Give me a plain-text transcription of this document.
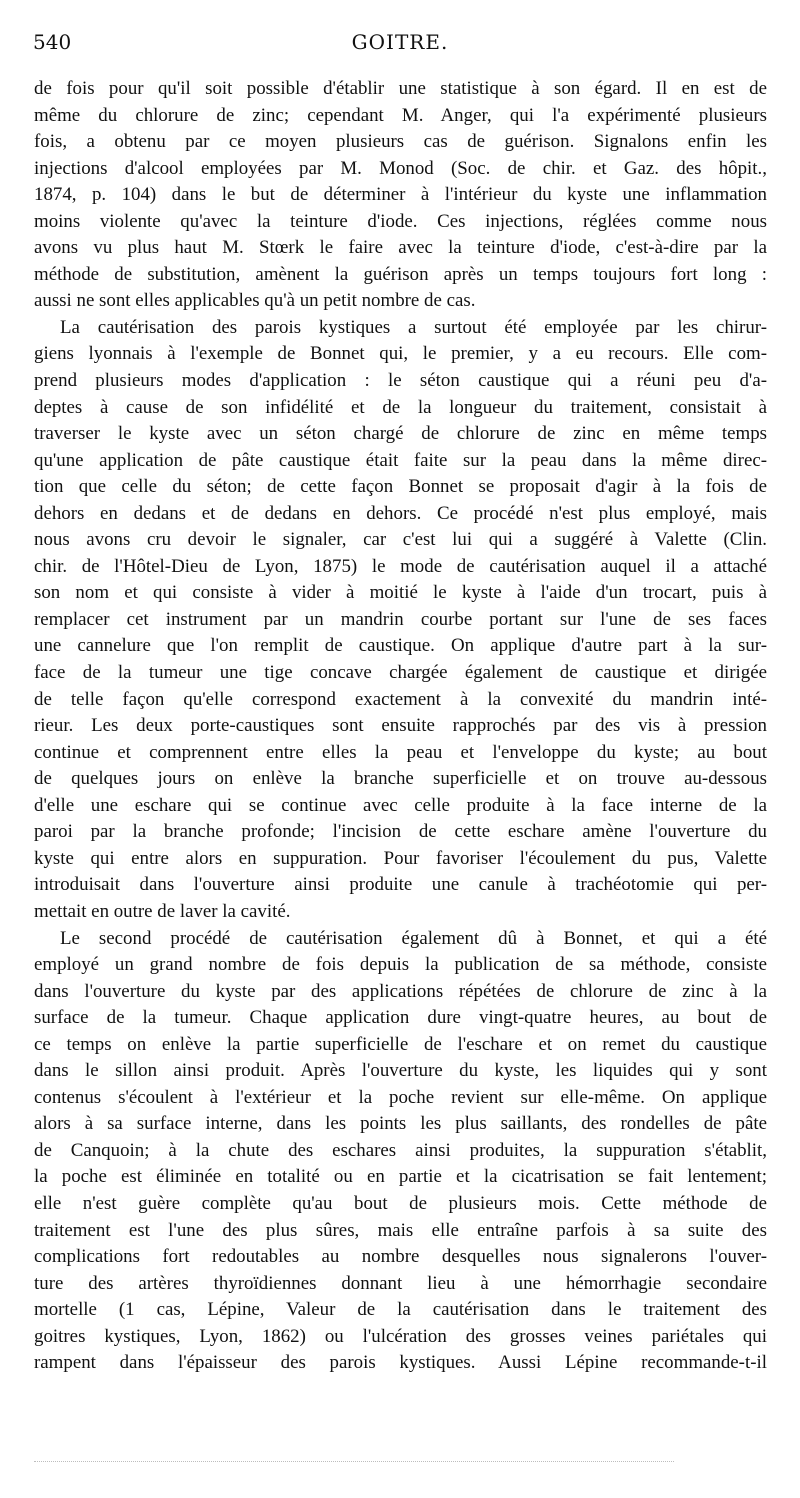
540	GOITRE.
de fois pour qu'il soit possible d'établir une statistique à son égard. Il en est de
même du chlorure de zinc; cependant M. Anger, qui l'a expérimenté plusieurs
fois, a obtenu par ce moyen plusieurs cas de guérison. Signalons enfin les
injections d'alcool employées par M. Monod (Soc. de chir. et Gaz. des hôpit.,
1874, p. 104) dans le but de déterminer à l'intérieur du kyste une inflammation
moins violente qu'avec la teinture d'iode. Ces injections, réglées comme nous
avons vu plus haut M. Stœrk le faire avec la teinture d'iode, c'est-à-dire par la
méthode de substitution, amènent la guérison après un temps toujours fort long :
aussi ne sont elles applicables qu'à un petit nombre de cas.
La cautérisation des parois kystiques a surtout été employée par les chirur-
giens lyonnais à l'exemple de Bonnet qui, le premier, y a eu recours. Elle com-
prend plusieurs modes d'application : le séton caustique qui a réuni peu d'a-
deptes à cause de son infidélité et de la longueur du traitement, consistait à
traverser le kyste avec un séton chargé de chlorure de zinc en même temps
qu'une application de pâte caustique était faite sur la peau dans la même direc-
tion que celle du séton; de cette façon Bonnet se proposait d'agir à la fois de
dehors en dedans et de dedans en dehors. Ce procédé n'est plus employé, mais
nous avons cru devoir le signaler, car c'est lui qui a suggéré à Valette (Clin.
chir. de l'Hôtel-Dieu de Lyon, 1875) le mode de cautérisation auquel il a attaché
son nom et qui consiste à vider à moitié le kyste à l'aide d'un trocart, puis à
remplacer cet instrument par un mandrin courbe portant sur l'une de ses faces
une cannelure que l'on remplit de caustique. On applique d'autre part à la sur-
face de la tumeur une tige concave chargée également de caustique et dirigée
de telle façon qu'elle correspond exactement à la convexité du mandrin inté-
rieur. Les deux porte-caustiques sont ensuite rapprochés par des vis à pression
continue et comprennent entre elles la peau et l'enveloppe du kyste; au bout
de quelques jours on enlève la branche superficielle et on trouve au-dessous
d'elle une eschare qui se continue avec celle produite à la face interne de la
paroi par la branche profonde; l'incision de cette eschare amène l'ouverture du
kyste qui entre alors en suppuration. Pour favoriser l'écoulement du pus, Valette
introduisait dans l'ouverture ainsi produite une canule à trachéotomie qui per-
mettait en outre de laver la cavité.
Le second procédé de cautérisation également dû à Bonnet, et qui a été
employé un grand nombre de fois depuis la publication de sa méthode, consiste
dans l'ouverture du kyste par des applications répétées de chlorure de zinc à la
surface de la tumeur. Chaque application dure vingt-quatre heures, au bout de
ce temps on enlève la partie superficielle de l'eschare et on remet du caustique
dans le sillon ainsi produit. Après l'ouverture du kyste, les liquides qui y sont
contenus s'écoulent à l'extérieur et la poche revient sur elle-même. On applique
alors à sa surface interne, dans les points les plus saillants, des rondelles de pâte
de Canquoin; à la chute des eschares ainsi produites, la suppuration s'établit,
la poche est éliminée en totalité ou en partie et la cicatrisation se fait lentement;
elle n'est guère complète qu'au bout de plusieurs mois. Cette méthode de
traitement est l'une des plus sûres, mais elle entraîne parfois à sa suite des
complications fort redoutables au nombre desquelles nous signalerons l'ouver-
ture des artères thyroïdiennes donnant lieu à une hémorrhagie secondaire
mortelle (1 cas, Lépine, Valeur de la cautérisation dans le traitement des
goitres kystiques, Lyon, 1862) ou l'ulcération des grosses veines pariétales qui
rampent dans l'épaisseur des parois kystiques. Aussi Lépine recommande-t-il
